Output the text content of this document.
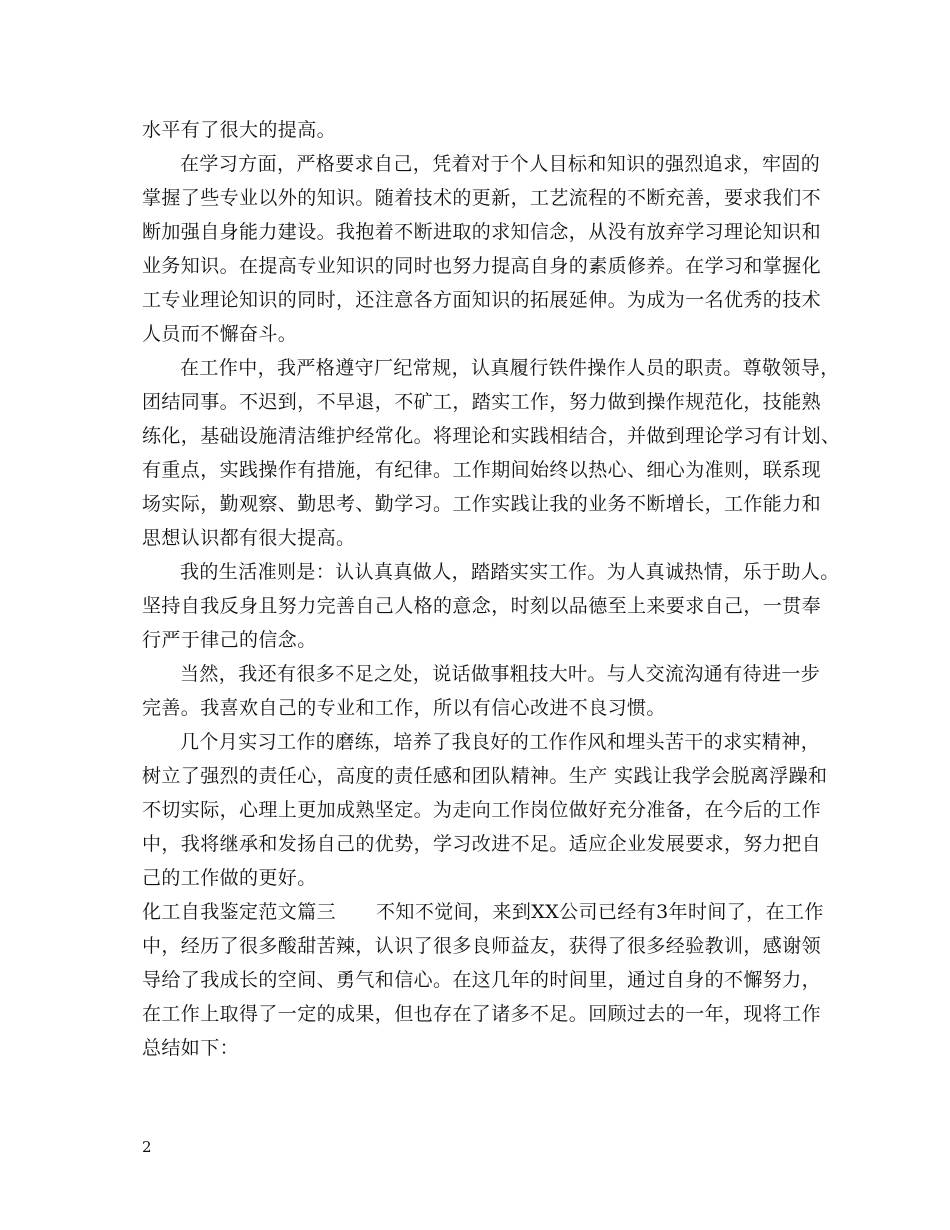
水平有了很大的提高。
在学习方面，严格要求自己，凭着对于个人目标和知识的强烈追求，牢固的
掌握了些专业以外的知识。随着技术的更新，工艺流程的不断充善，要求我们不
断加强自身能力建设。我抱着不断进取的求知信念，从没有放弃学习理论知识和
业务知识。在提高专业知识的同时也努力提高自身的素质修养。在学习和掌握化
工专业理论知识的同时，还注意各方面知识的拓展延伸。为成为一名优秀的技术
人员而不懈奋斗。
在工作中，我严格遵守厂纪常规，认真履行铁件操作人员的职责。尊敬领导，
团结同事。不迟到，不早退，不矿工，踏实工作，努力做到操作规范化，技能熟
练化，基础设施清洁维护经常化。将理论和实践相结合，并做到理论学习有计划、
有重点，实践操作有措施，有纪律。工作期间始终以热心、细心为准则，联系现
场实际，勤观察、勤思考、勤学习。工作实践让我的业务不断增长，工作能力和
思想认识都有很大提高。
我的生活准则是：认认真真做人，踏踏实实工作。为人真诚热情，乐于助人。
坚持自我反身且努力完善自己人格的意念，时刻以品德至上来要求自己，一贯奉
行严于律己的信念。
当然，我还有很多不足之处，说话做事粗技大叶。与人交流沟通有待进一步
完善。我喜欢自己的专业和工作，所以有信心改进不良习惯。
几个月实习工作的磨练，培养了我良好的工作作风和埋头苦干的求实精神，
树立了强烈的责任心，高度的责任感和团队精神。生产 实践让我学会脱离浮躁和
不切实际，心理上更加成熟坚定。为走向工作岗位做好充分准备，在今后的工作
中，我将继承和发扬自己的优势，学习改进不足。适应企业发展要求，努力把自
己的工作做的更好。
化工自我鉴定范文篇三 不知不觉间，来到XX公司已经有3年时间了，在工作
中，经历了很多酸甜苦辣，认识了很多良师益友，获得了很多经验教训，感谢领
导给了我成长的空间、勇气和信心。在这几年的时间里，通过自身的不懈努力，
在工作上取得了一定的成果，但也存在了诸多不足。回顾过去的一年，现将工作
总结如下：
2
